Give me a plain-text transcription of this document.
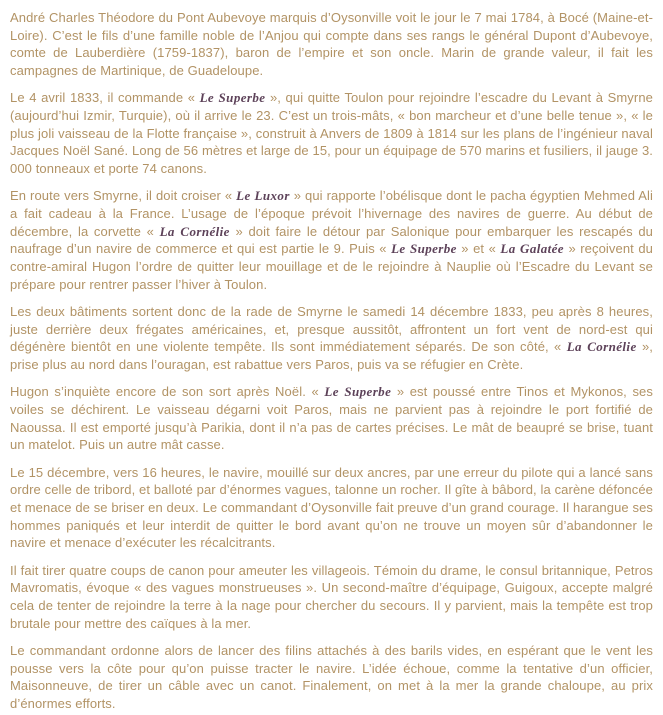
André Charles Théodore du Pont Aubevoye marquis d’Oysonville voit le jour le 7 mai 1784, à Bocé (Maine-et-Loire). C’est le fils d’une famille noble de l’Anjou qui compte dans ses rangs le général Dupont d’Aubevoye, comte de Lauberdière (1759-1837), baron de l’empire et son oncle. Marin de grande valeur, il fait les campagnes de Martinique, de Guadeloupe.

Le 4 avril 1833, il commande « Le Superbe », qui quitte Toulon pour rejoindre l’escadre du Levant à Smyrne (aujourd’hui Izmir, Turquie), où il arrive le 23. C’est un trois-mâts, « bon marcheur et d’une belle tenue », « le plus joli vaisseau de la Flotte française », construit à Anvers de 1809 à 1814 sur les plans de l’ingénieur naval Jacques Noël Sané. Long de 56 mètres et large de 15, pour un équipage de 570 marins et fusiliers, il jauge 3. 000 tonneaux et porte 74 canons.

En route vers Smyrne, il doit croiser « Le Luxor » qui rapporte l’obélisque dont le pacha égyptien Mehmed Ali a fait cadeau à la France. L’usage de l’époque prévoit l’hivernage des navires de guerre. Au début de décembre, la corvette « La Cornélie » doit faire le détour par Salonique pour embarquer les rescapés du naufrage d’un navire de commerce et qui est partie le 9. Puis « Le Superbe » et « La Galatée » reçoivent du contre-amiral Hugon l’ordre de quitter leur mouillage et de le rejoindre à Nauplie où l’Escadre du Levant se prépare pour rentrer passer l’hiver à Toulon.

Les deux bâtiments sortent donc de la rade de Smyrne le samedi 14 décembre 1833, peu après 8 heures, juste derrière deux frégates américaines, et, presque aussitôt, affrontent un fort vent de nord-est qui dégénère bientôt en une violente tempête. Ils sont immédiatement séparés. De son côté, « La Cornélie », prise plus au nord dans l’ouragan, est rabattue vers Paros, puis va se réfugier en Crète.

Hugon s’inquiète encore de son sort après Noël. « Le Superbe » est poussé entre Tinos et Mykonos, ses voiles se déchirent. Le vaisseau dégarni voit Paros, mais ne parvient pas à rejoindre le port fortifié de Naoussa. Il est emporté jusqu’à Parikia, dont il n’a pas de cartes précises. Le mât de beaupré se brise, tuant un matelot. Puis un autre mât casse.

Le 15 décembre, vers 16 heures, le navire, mouillé sur deux ancres, par une erreur du pilote qui a lancé sans ordre celle de tribord, et balloté par d’énormes vagues, talonne un rocher. Il gîte à bâbord, la carène défoncée et menace de se briser en deux. Le commandant d’Oysonville fait preuve d’un grand courage. Il harangue ses hommes paniqués et leur interdit de quitter le bord avant qu’on ne trouve un moyen sûr d’abandonner le navire et menace d’exécuter les récalcitrants.

Il fait tirer quatre coups de canon pour ameuter les villageois. Témoin du drame, le consul britannique, Petros Mavromatis, évoque « des vagues monstrueuses ». Un second-maître d’équipage, Guigoux, accepte malgré cela de tenter de rejoindre la terre à la nage pour chercher du secours. Il y parvient, mais la tempête est trop brutale pour mettre des caïques à la mer.

Le commandant ordonne alors de lancer des filins attachés à des barils vides, en espérant que le vent les pousse vers la côte pour qu’on puisse tracter le navire. L’idée échoue, comme la tentative d’un officier, Maisonneuve, de tirer un câble avec un canot. Finalement, on met à la mer la grande chaloupe, au prix d’énormes efforts.
